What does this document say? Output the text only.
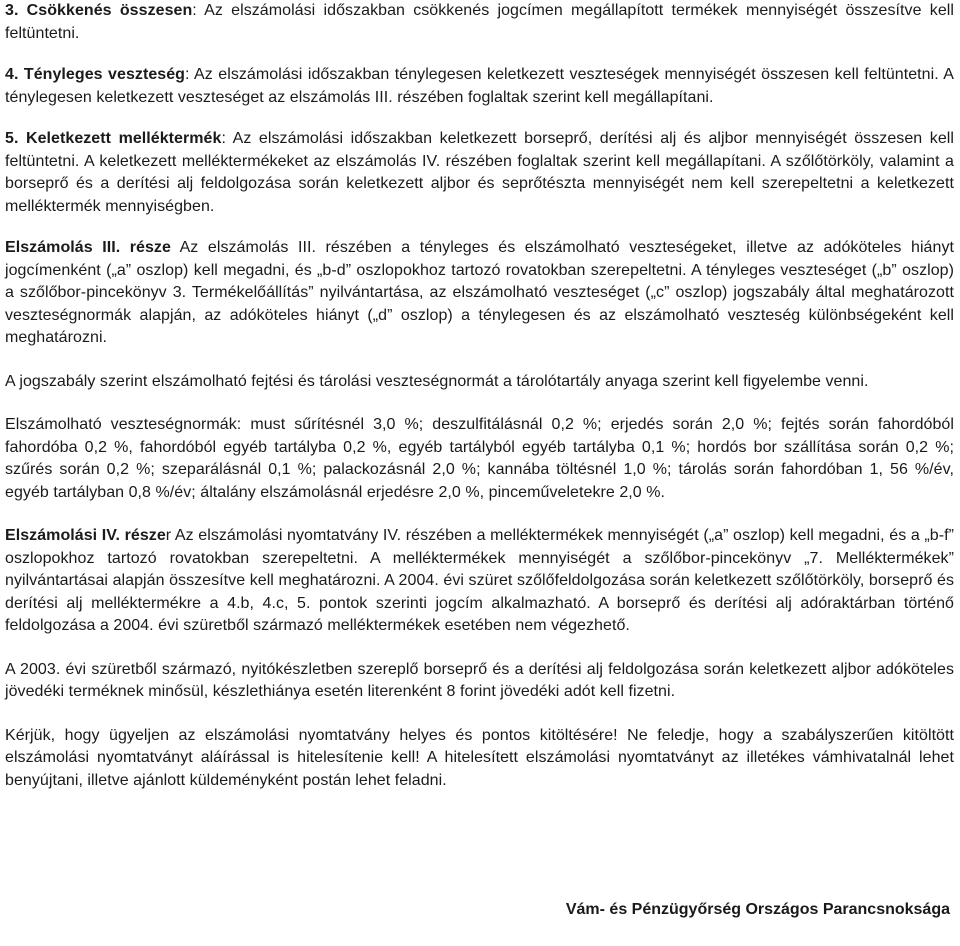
3. Csökkenés összesen: Az elszámolási időszakban csökkenés jogcímen megállapított termékek mennyiségét összesítve kell feltüntetni.

4. Tényleges veszteség: Az elszámolási időszakban ténylegesen keletkezett veszteségek mennyiségét összesen kell feltüntetni. A ténylegesen keletkezett veszteséget az elszámolás III. részében foglaltak szerint kell megállapítani.

5. Keletkezett melléktermék: Az elszámolási időszakban keletkezett borseprő, derítési alj és aljbor mennyiségét összesen kell feltüntetni. A keletkezett melléktermékeket az elszámolás IV. részében foglaltak szerint kell megállapítani. A szőlőtörköly, valamint a borseprő és a derítési alj feldolgozása során keletkezett aljbor és seprőtészta mennyiségét nem kell szerepeltetni a keletkezett melléktermék mennyiségben.

Elszámolás III. része Az elszámolás III. részében a tényleges és elszámolható veszteségeket, illetve az adóköteles hiányt jogcímenként („a” oszlop) kell megadni, és „b-d” oszlopokhoz tartozó rovatokban szerepeltetni. A tényleges veszteséget („b” oszlop) a szőlőbor-pincekönyv 3. Termékelőállítás” nyilvántartása, az elszámolható veszteséget („c” oszlop) jogszabály által meghatározott veszteségnormák alapján, az adóköteles hiányt („d” oszlop) a ténylegesen és az elszámolható veszteség különbségeként kell meghatározni.

A jogszabály szerint elszámolható fejtési és tárolási veszteségnormát a tárolótartály anyaga szerint kell figyelembe venni.

Elszámolható veszteségnormák: must sűrítésnél 3,0 %; deszulfitálásnál 0,2 %; erjedés során 2,0 %; fejtés során fahordóból fahordóba 0,2 %, fahordóból egyéb tartályba 0,2 %, egyéb tartályból egyéb tartályba 0,1 %; hordós bor szállítása során 0,2 %; szűrés során 0,2 %; szeparálásnál 0,1 %; palackozásnál 2,0 %; kannába töltésnél 1,0 %; tárolás során fahordóban 1, 56 %/év, egyéb tartályban 0,8 %/év; általány elszámolásnál erjedésre 2,0 %, pinceműveletekre 2,0 %.

Elszámolási IV. részer Az elszámolási nyomtatvány IV. részében a melléktermékek mennyiségét („a” oszlop) kell megadni, és a „b-f” oszlopokhoz tartozó rovatokban szerepeltetni. A melléktermékek mennyiségét a szőlőbor-pincekönyv „7. Melléktermékek” nyilvántartásai alapján összesítve kell meghatározni. A 2004. évi szüret szőlőfeldolgozása során keletkezett szőlőtörköly, borseprő és derítési alj melléktermékre a 4.b, 4.c, 5. pontok szerinti jogcím alkalmazható. A borseprő és derítési alj adóraktárban történő feldolgozása a 2004. évi szüretből származó melléktermékek esetében nem végezhető.

A 2003. évi szüretből származó, nyitókészletben szereplő borseprő és a derítési alj feldolgozása során keletkezett aljbor adóköteles jövedéki terméknek minősül, készlethiánya esetén literenként 8 forint jövedéki adót kell fizetni.

Kérjük, hogy ügyeljen az elszámolási nyomtatvány helyes és pontos kitöltésére! Ne feledje, hogy a szabályszerűen kitöltött elszámolási nyomtatványt aláírással is hitelesítenie kell! A hitelesített elszámolási nyomtatványt az illetékes vámhivatalnál lehet benyújtani, illetve ajánlott küldeményként postán lehet feladni.

Vám- és Pénzügyőrség Országos Parancsnoksága
